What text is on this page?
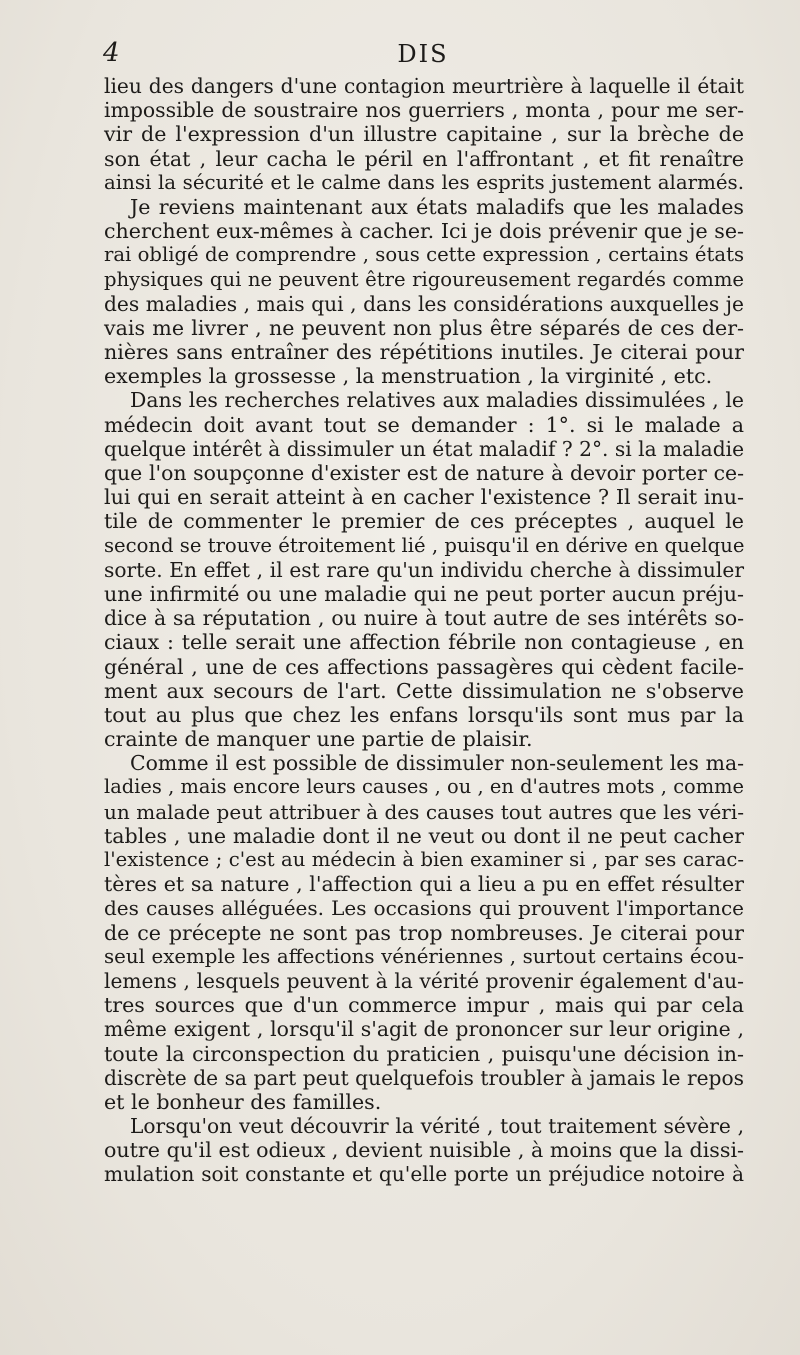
4	DIS
lieu des dangers d'une contagion meurtrière à laquelle il était
impossible de soustraire nos guerriers , monta , pour me ser-
vir de l'expression d'un illustre capitaine , sur la brèche de
son état , leur cacha le péril en l'affrontant , et fit renaître
ainsi la sécurité et le calme dans les esprits justement alarmés.
Je reviens maintenant aux états maladifs que les malades
cherchent eux-mêmes à cacher. Ici je dois prévenir que je se-
rai obligé de comprendre , sous cette expression , certains états
physiques qui ne peuvent être rigoureusement regardés comme
des maladies , mais qui , dans les considérations auxquelles je
vais me livrer , ne peuvent non plus être séparés de ces der-
nières sans entraîner des répétitions inutiles. Je citerai pour
exemples la grossesse , la menstruation , la virginité , etc.
Dans les recherches relatives aux maladies dissimulées , le
médecin doit avant tout se demander : 1°. si le malade a
quelque intérêt à dissimuler un état maladif ? 2°. si la maladie
que l'on soupçonne d'exister est de nature à devoir porter ce-
lui qui en serait atteint à en cacher l'existence ? Il serait inu-
tile de commenter le premier de ces préceptes , auquel le
second se trouve étroitement lié , puisqu'il en dérive en quelque
sorte. En effet , il est rare qu'un individu cherche à dissimuler
une infirmité ou une maladie qui ne peut porter aucun préju-
dice à sa réputation , ou nuire à tout autre de ses intérêts so-
ciaux : telle serait une affection fébrile non contagieuse , en
général , une de ces affections passagères qui cèdent facile-
ment aux secours de l'art. Cette dissimulation ne s'observe
tout au plus que chez les enfans lorsqu'ils sont mus par la
crainte de manquer une partie de plaisir.
Comme il est possible de dissimuler non-seulement les ma-
ladies , mais encore leurs causes , ou , en d'autres mots , comme
un malade peut attribuer à des causes tout autres que les véri-
tables , une maladie dont il ne veut ou dont il ne peut cacher
l'existence ; c'est au médecin à bien examiner si , par ses carac-
tères et sa nature , l'affection qui a lieu a pu en effet résulter
des causes alléguées. Les occasions qui prouvent l'importance
de ce précepte ne sont pas trop nombreuses. Je citerai pour
seul exemple les affections vénériennes , surtout certains écou-
lemens , lesquels peuvent à la vérité provenir également d'au-
tres sources que d'un commerce impur , mais qui par cela
même exigent , lorsqu'il s'agit de prononcer sur leur origine ,
toute la circonspection du praticien , puisqu'une décision in-
discrète de sa part peut quelquefois troubler à jamais le repos
et le bonheur des familles.
Lorsqu'on veut découvrir la vérité , tout traitement sévère ,
outre qu'il est odieux , devient nuisible , à moins que la dissi-
mulation soit constante et qu'elle porte un préjudice notoire à
